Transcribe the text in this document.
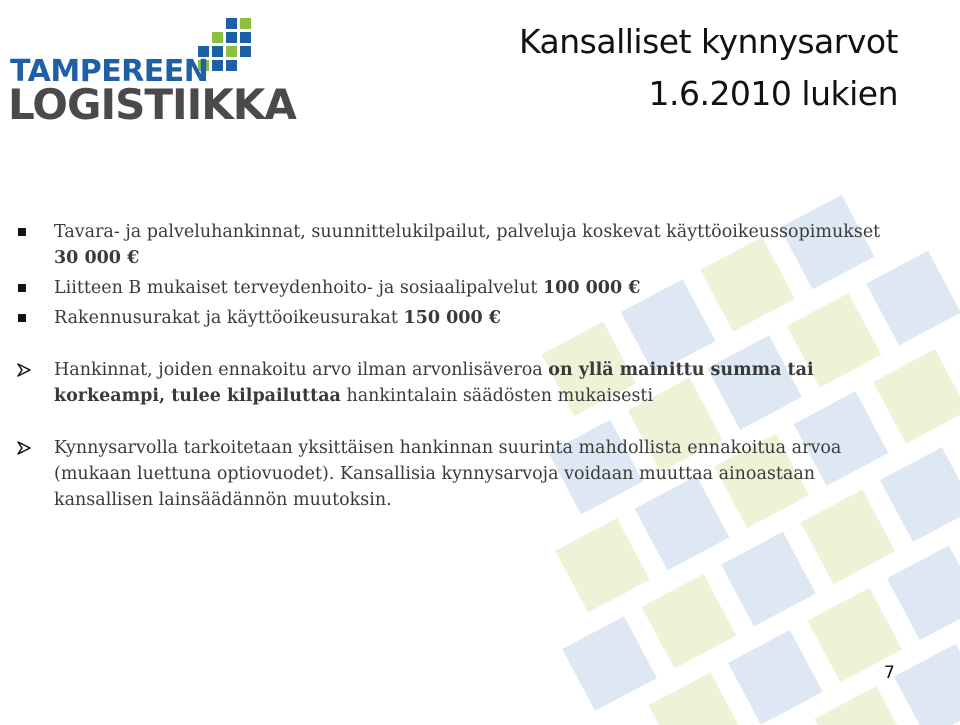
TAMPEREEN
LOGISTIIKKA
Kansalliset kynnysarvot
1.6.2010 lukien
Tavara- ja palveluhankinnat, suunnittelukilpailut, palveluja koskevat käyttöoikeussopimukset 30 000 €
Liitteen B mukaiset terveydenhoito- ja sosiaalipalvelut 100 000 €
Rakennusurakat ja käyttöoikeusurakat 150 000 €
Hankinnat, joiden ennakoitu arvo ilman arvonlisäveroa on yllä mainittu summa tai korkeampi, tulee kilpailuttaa hankintalain säädösten mukaisesti
Kynnysarvolla tarkoitetaan yksittäisen hankinnan suurinta mahdollista ennakoitua arvoa (mukaan luettuna optiovuodet). Kansallisia kynnysarvoja voidaan muuttaa ainoastaan kansallisen lainsäädännön muutoksin.
7
